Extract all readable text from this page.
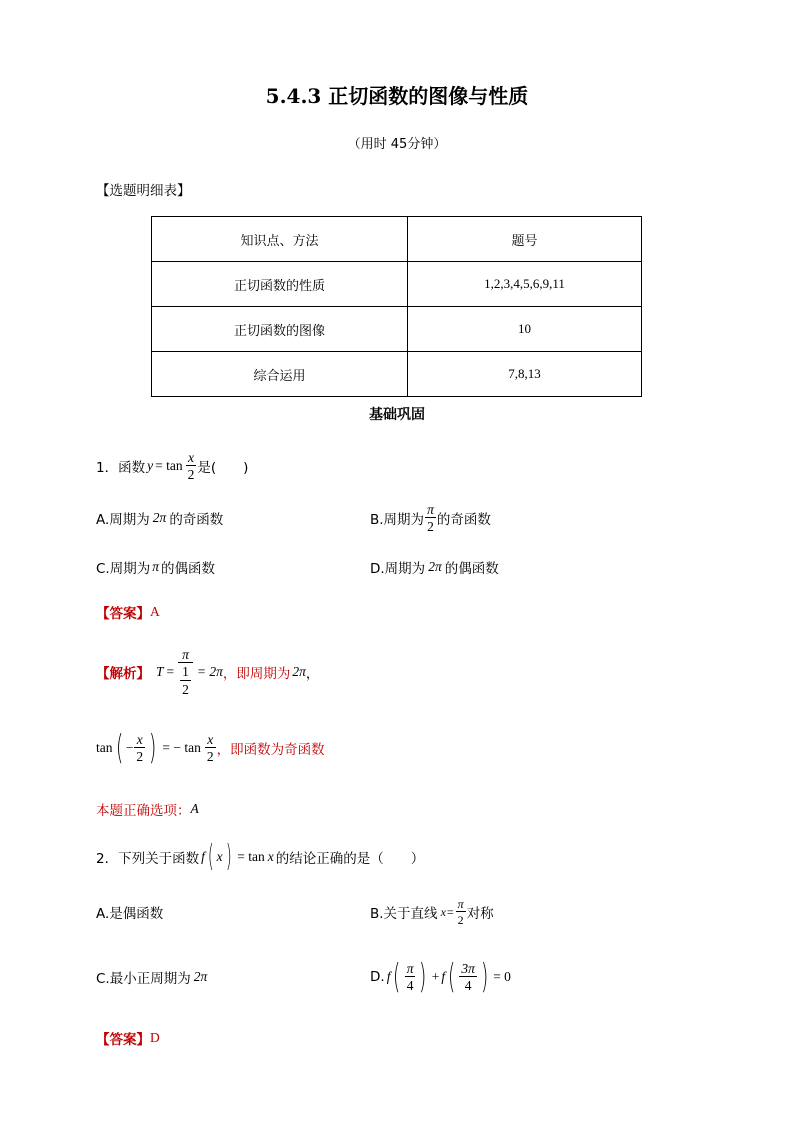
5.4.3 正切函数的图像与性质
（用时 45分钟）
【选题明细表】
知识点、方法	题号
正切函数的性质	1,2,3,4,5,6,9,11
正切函数的图像	10
综合运用	7,8,13
基础巩固
1．函数 $y = \tan \frac{x}{2}$ 是(　　)
A.周期为 2π 的奇函数	B.周期为 $\frac{\pi}{2}$ 的奇函数
C.周期为 π 的偶函数	D.周期为 2π 的偶函数
【答案】 A
【解析】 $T = \frac{\pi}{\frac{1}{2}} = 2\pi$ ，即周期为 2π ，
tan ( − $\frac{x}{2}$ ) = − $\tan \frac{x}{2}$ ，即函数为奇函数
本题正确选项： A
2．下列关于函数 f ( x ) = tan x 的结论正确的是（　　）
A.是偶函数	B.关于直线 $x = \frac{\pi}{2}$ 对称
C.最小正周期为 2π	D. f ( $\frac{\pi}{4}$ ) + f ( $\frac{3\pi}{4}$ ) = 0
【答案】 D
